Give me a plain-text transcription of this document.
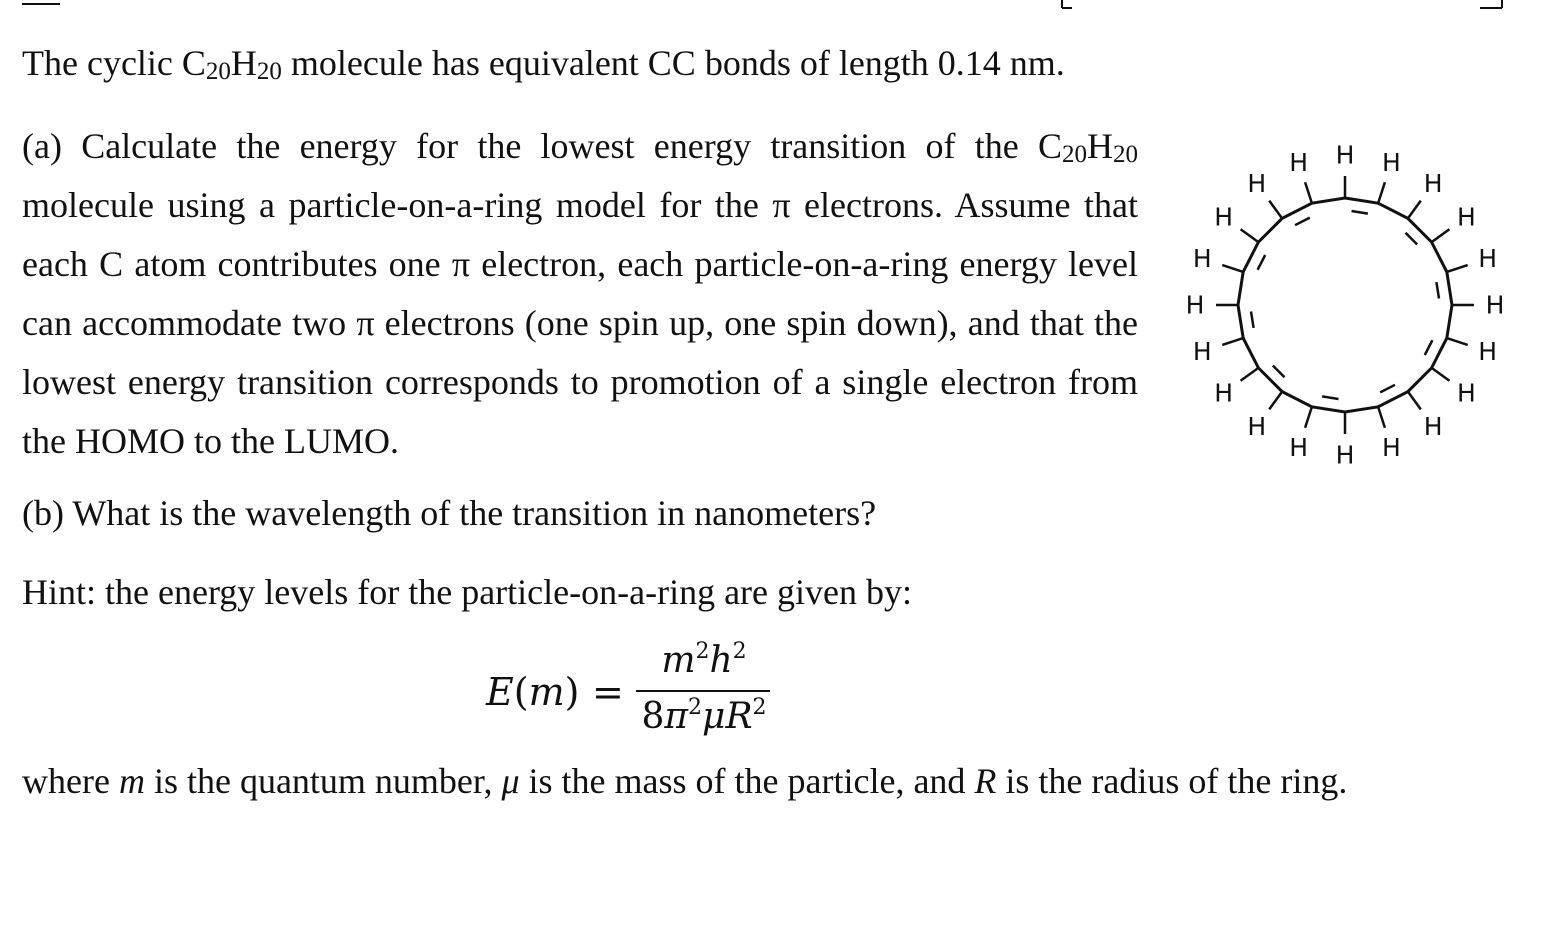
The cyclic $C_{20}H_{20}$ molecule has equivalent CC bonds of length 0.14 nm.
(a) Calculate the energy for the lowest energy transition of the $C_{20}H_{20}$ molecule using a particle-on-a-ring model for the π electrons. Assume that each C atom contributes one π electron, each particle-on-a-ring energy level can accommodate two π electrons (one spin up, one spin down), and that the lowest energy transition corresponds to promotion of a single electron from the HOMO to the LUMO.
H H
H
H
H
H
H
H
H
H
H
H
H
H
H
H
H
H
H
H
(b) What is the wavelength of the transition in nanometers?
Hint: the energy levels for the particle-on-a-ring are given by:
E(m) =
$m^2h^2$
$8\pi^2\mu R^2$
where m is the quantum number, μ is the mass of the particle, and R is the radius of the ring.
